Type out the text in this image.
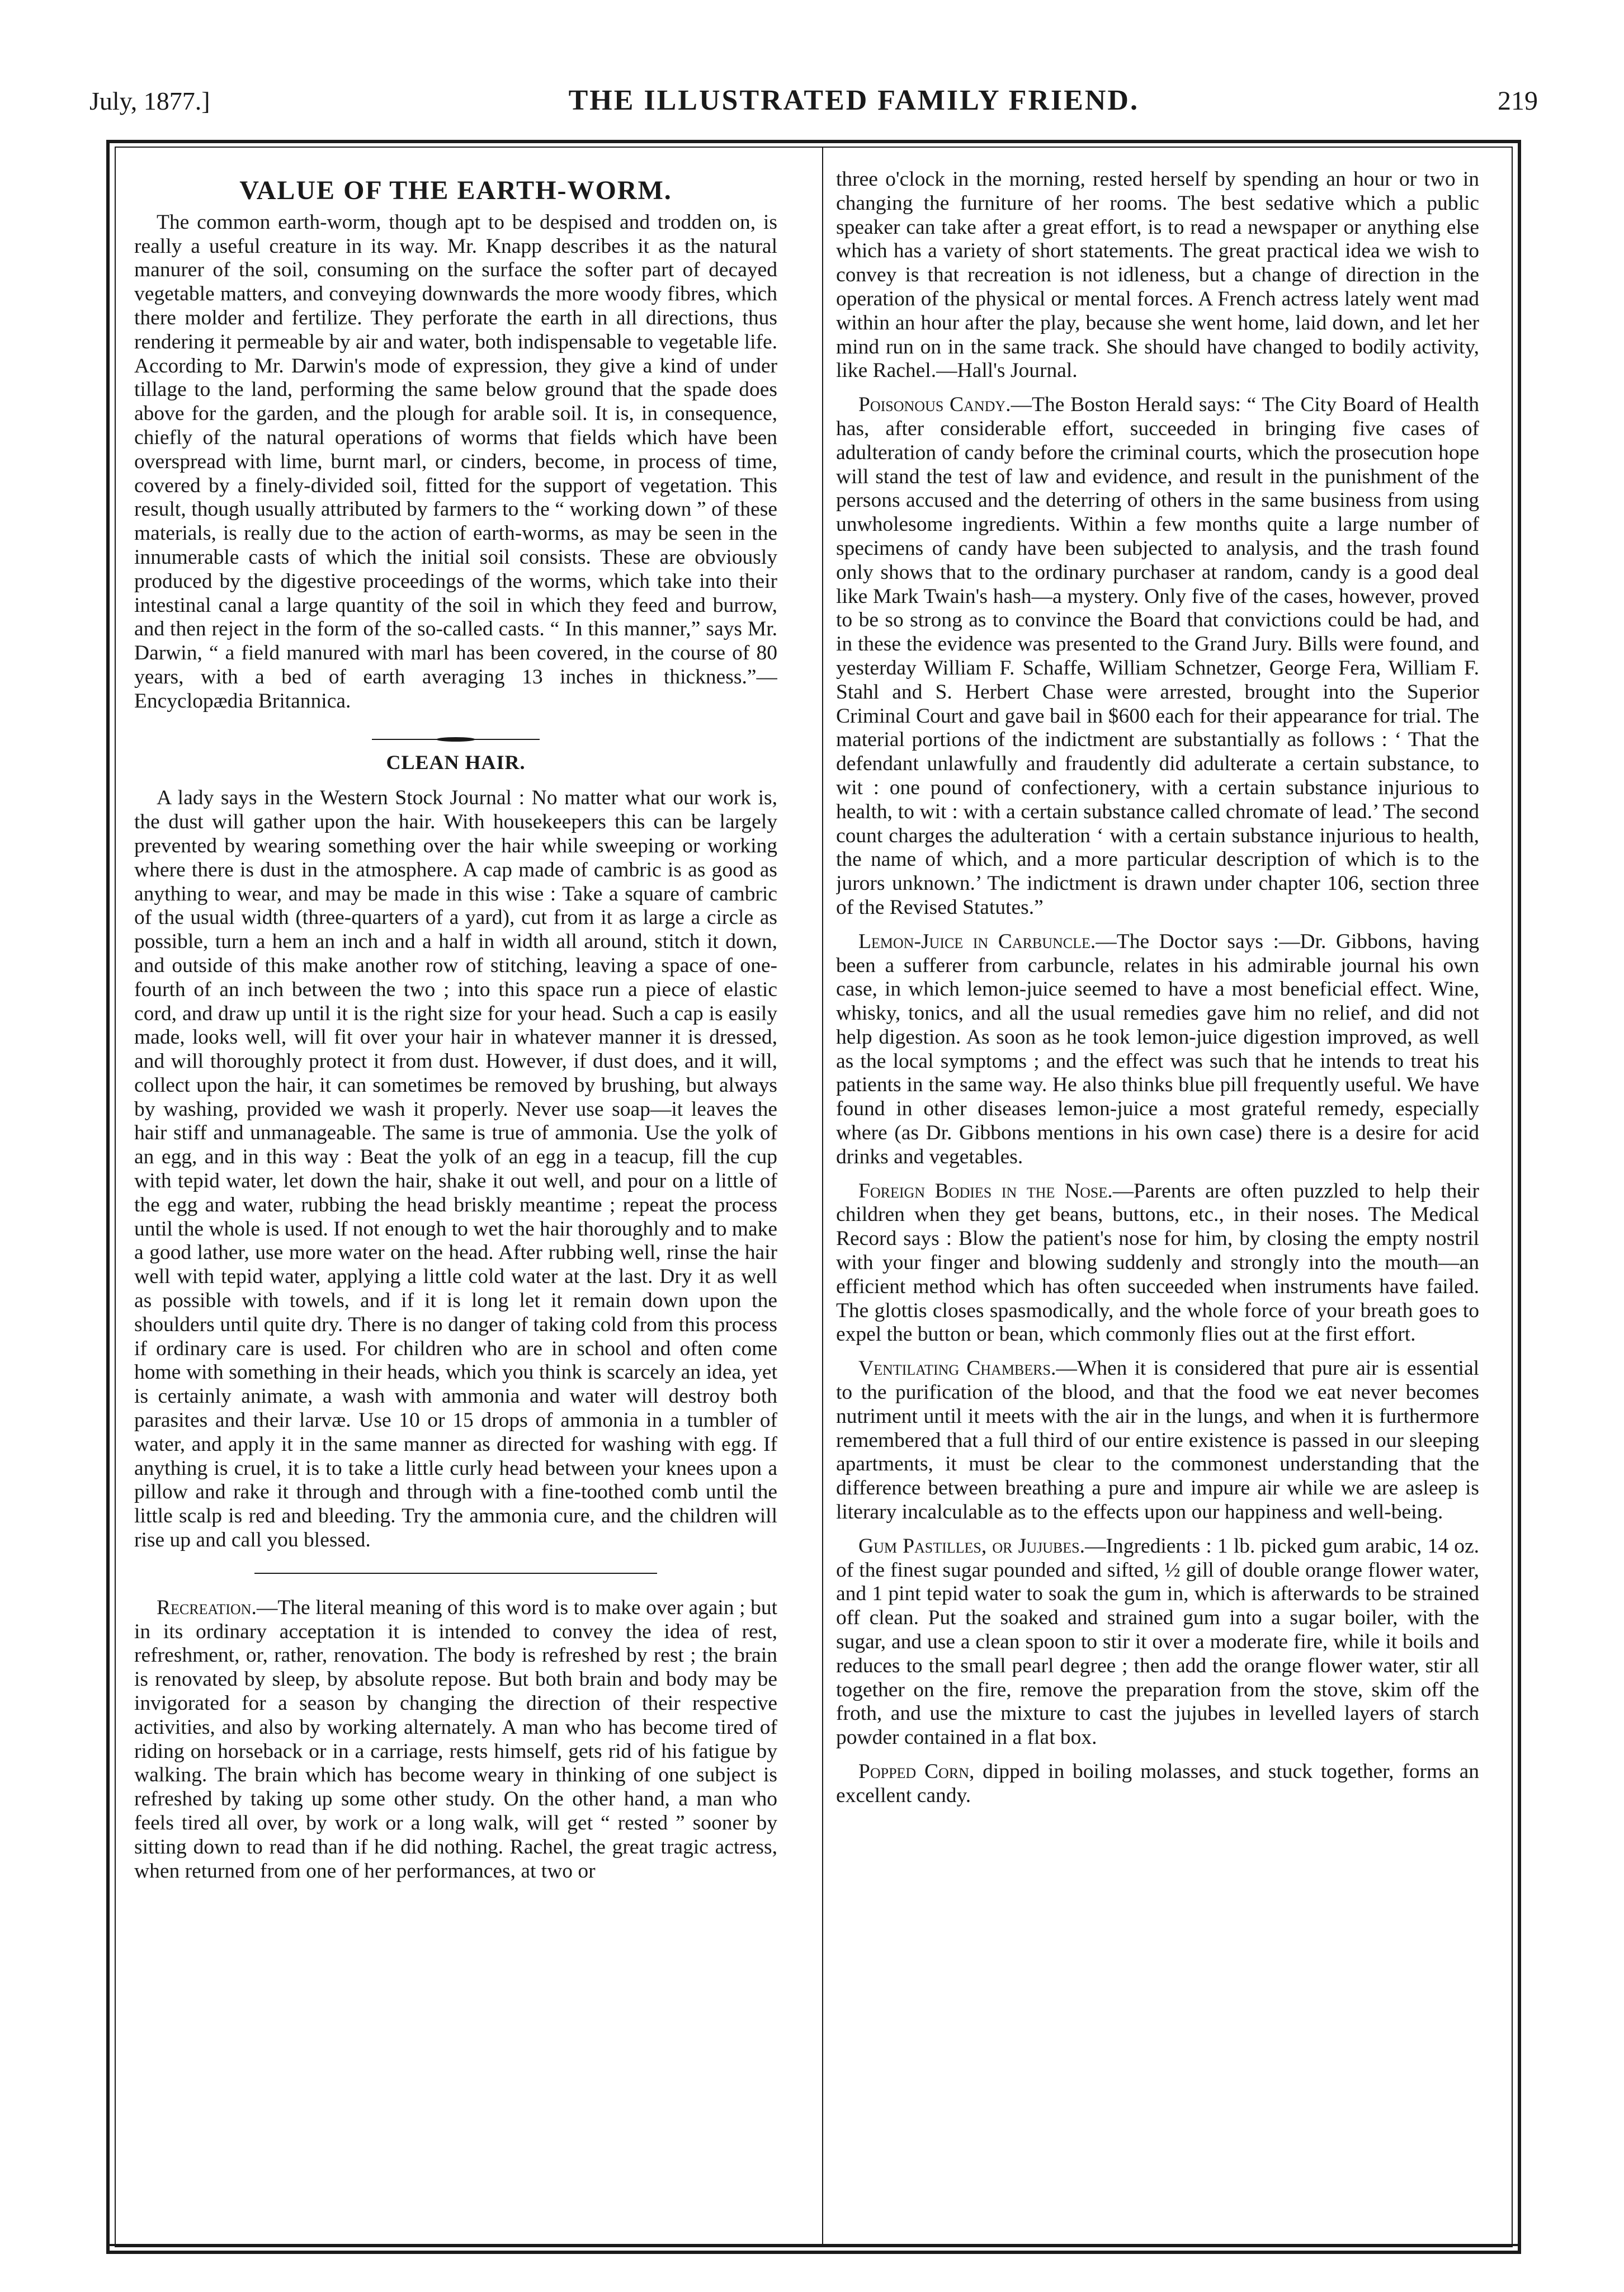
July, 1877.]	THE ILLUSTRATED FAMILY FRIEND.	219
VALUE OF THE EARTH-WORM.

The common earth-worm, though apt to be despised and trodden on, is really a useful creature in its way. Mr. Knapp describes it as the natural manurer of the soil, consuming on the surface the softer part of decayed vegetable matters, and conveying downwards the more woody fibres, which there molder and fertilize. They perforate the earth in all directions, thus rendering it permeable by air and water, both indispensable to vegetable life. According to Mr. Darwin's mode of expression, they give a kind of under tillage to the land, performing the same below ground that the spade does above for the garden, and the plough for arable soil. It is, in consequence, chiefly of the natural operations of worms that fields which have been overspread with lime, burnt marl, or cinders, become, in process of time, covered by a finely-divided soil, fitted for the support of vegetation. This result, though usually attributed by farmers to the “ working down ” of these materials, is really due to the action of earth-worms, as may be seen in the innumerable casts of which the initial soil consists. These are obviously produced by the digestive proceedings of the worms, which take into their intestinal canal a large quantity of the soil in which they feed and burrow, and then reject in the form of the so-called casts. “ In this manner,” says Mr. Darwin, “ a field manured with marl has been covered, in the course of 80 years, with a bed of earth averaging 13 inches in thickness.”—Encyclopædia Britannica.

CLEAN HAIR.

A lady says in the Western Stock Journal : No matter what our work is, the dust will gather upon the hair. With housekeepers this can be largely prevented by wearing something over the hair while sweeping or working where there is dust in the atmosphere. A cap made of cambric is as good as anything to wear, and may be made in this wise : Take a square of cambric of the usual width (three-quarters of a yard), cut from it as large a circle as possible, turn a hem an inch and a half in width all around, stitch it down, and outside of this make another row of stitching, leaving a space of one-fourth of an inch between the two ; into this space run a piece of elastic cord, and draw up until it is the right size for your head. Such a cap is easily made, looks well, will fit over your hair in whatever manner it is dressed, and will thoroughly protect it from dust. However, if dust does, and it will, collect upon the hair, it can sometimes be removed by brushing, but always by washing, provided we wash it properly. Never use soap—it leaves the hair stiff and unmanageable. The same is true of ammonia. Use the yolk of an egg, and in this way : Beat the yolk of an egg in a teacup, fill the cup with tepid water, let down the hair, shake it out well, and pour on a little of the egg and water, rubbing the head briskly meantime ; repeat the process until the whole is used. If not enough to wet the hair thoroughly and to make a good lather, use more water on the head. After rubbing well, rinse the hair well with tepid water, applying a little cold water at the last. Dry it as well as possible with towels, and if it is long let it remain down upon the shoulders until quite dry. There is no danger of taking cold from this process if ordinary care is used. For children who are in school and often come home with something in their heads, which you think is scarcely an idea, yet is certainly animate, a wash with ammonia and water will destroy both parasites and their larvæ. Use 10 or 15 drops of ammonia in a tumbler of water, and apply it in the same manner as directed for washing with egg. If anything is cruel, it is to take a little curly head between your knees upon a pillow and rake it through and through with a fine-toothed comb until the little scalp is red and bleeding. Try the ammonia cure, and the children will rise up and call you blessed.

Recreation.—The literal meaning of this word is to make over again ; but in its ordinary acceptation it is intended to convey the idea of rest, refreshment, or, rather, renovation. The body is refreshed by rest ; the brain is renovated by sleep, by absolute repose. But both brain and body may be invigorated for a season by changing the direction of their respective activities, and also by working alternately. A man who has become tired of riding on horseback or in a carriage, rests himself, gets rid of his fatigue by walking. The brain which has become weary in thinking of one subject is refreshed by taking up some other study. On the other hand, a man who feels tired all over, by work or a long walk, will get “ rested ” sooner by sitting down to read than if he did nothing. Rachel, the great tragic actress, when returned from one of her performances, at two or

three o'clock in the morning, rested herself by spending an hour or two in changing the furniture of her rooms. The best sedative which a public speaker can take after a great effort, is to read a newspaper or anything else which has a variety of short statements. The great practical idea we wish to convey is that recreation is not idleness, but a change of direction in the operation of the physical or mental forces. A French actress lately went mad within an hour after the play, because she went home, laid down, and let her mind run on in the same track. She should have changed to bodily activity, like Rachel.—Hall's Journal.

Poisonous Candy.—The Boston Herald says: “ The City Board of Health has, after considerable effort, succeeded in bringing five cases of adulteration of candy before the criminal courts, which the prosecution hope will stand the test of law and evidence, and result in the punishment of the persons accused and the deterring of others in the same business from using unwholesome ingredients. Within a few months quite a large number of specimens of candy have been subjected to analysis, and the trash found only shows that to the ordinary purchaser at random, candy is a good deal like Mark Twain's hash—a mystery. Only five of the cases, however, proved to be so strong as to convince the Board that convictions could be had, and in these the evidence was presented to the Grand Jury. Bills were found, and yesterday William F. Schaffe, William Schnetzer, George Fera, William F. Stahl and S. Herbert Chase were arrested, brought into the Superior Criminal Court and gave bail in $600 each for their appearance for trial. The material portions of the indictment are substantially as follows : ‘ That the defendant unlawfully and fraudently did adulterate a certain substance, to wit : one pound of confectionery, with a certain substance injurious to health, to wit : with a certain substance called chromate of lead.’ The second count charges the adulteration ‘ with a certain substance injurious to health, the name of which, and a more particular description of which is to the jurors unknown.’ The indictment is drawn under chapter 106, section three of the Revised Statutes.”

Lemon-Juice in Carbuncle.—The Doctor says :—Dr. Gibbons, having been a sufferer from carbuncle, relates in his admirable journal his own case, in which lemon-juice seemed to have a most beneficial effect. Wine, whisky, tonics, and all the usual remedies gave him no relief, and did not help digestion. As soon as he took lemon-juice digestion improved, as well as the local symptoms ; and the effect was such that he intends to treat his patients in the same way. He also thinks blue pill frequently useful. We have found in other diseases lemon-juice a most grateful remedy, especially where (as Dr. Gibbons mentions in his own case) there is a desire for acid drinks and vegetables.

Foreign Bodies in the Nose.—Parents are often puzzled to help their children when they get beans, buttons, etc., in their noses. The Medical Record says : Blow the patient's nose for him, by closing the empty nostril with your finger and blowing suddenly and strongly into the mouth—an efficient method which has often succeeded when instruments have failed. The glottis closes spasmodically, and the whole force of your breath goes to expel the button or bean, which commonly flies out at the first effort.

Ventilating Chambers.—When it is considered that pure air is essential to the purification of the blood, and that the food we eat never becomes nutriment until it meets with the air in the lungs, and when it is furthermore remembered that a full third of our entire existence is passed in our sleeping apartments, it must be clear to the commonest understanding that the difference between breathing a pure and impure air while we are asleep is literary incalculable as to the effects upon our happiness and well-being.

Gum Pastilles, or Jujubes.—Ingredients : 1 lb. picked gum arabic, 14 oz. of the finest sugar pounded and sifted, ½ gill of double orange flower water, and 1 pint tepid water to soak the gum in, which is afterwards to be strained off clean. Put the soaked and strained gum into a sugar boiler, with the sugar, and use a clean spoon to stir it over a moderate fire, while it boils and reduces to the small pearl degree ; then add the orange flower water, stir all together on the fire, remove the preparation from the stove, skim off the froth, and use the mixture to cast the jujubes in levelled layers of starch powder contained in a flat box.

Popped Corn, dipped in boiling molasses, and stuck together, forms an excellent candy.
